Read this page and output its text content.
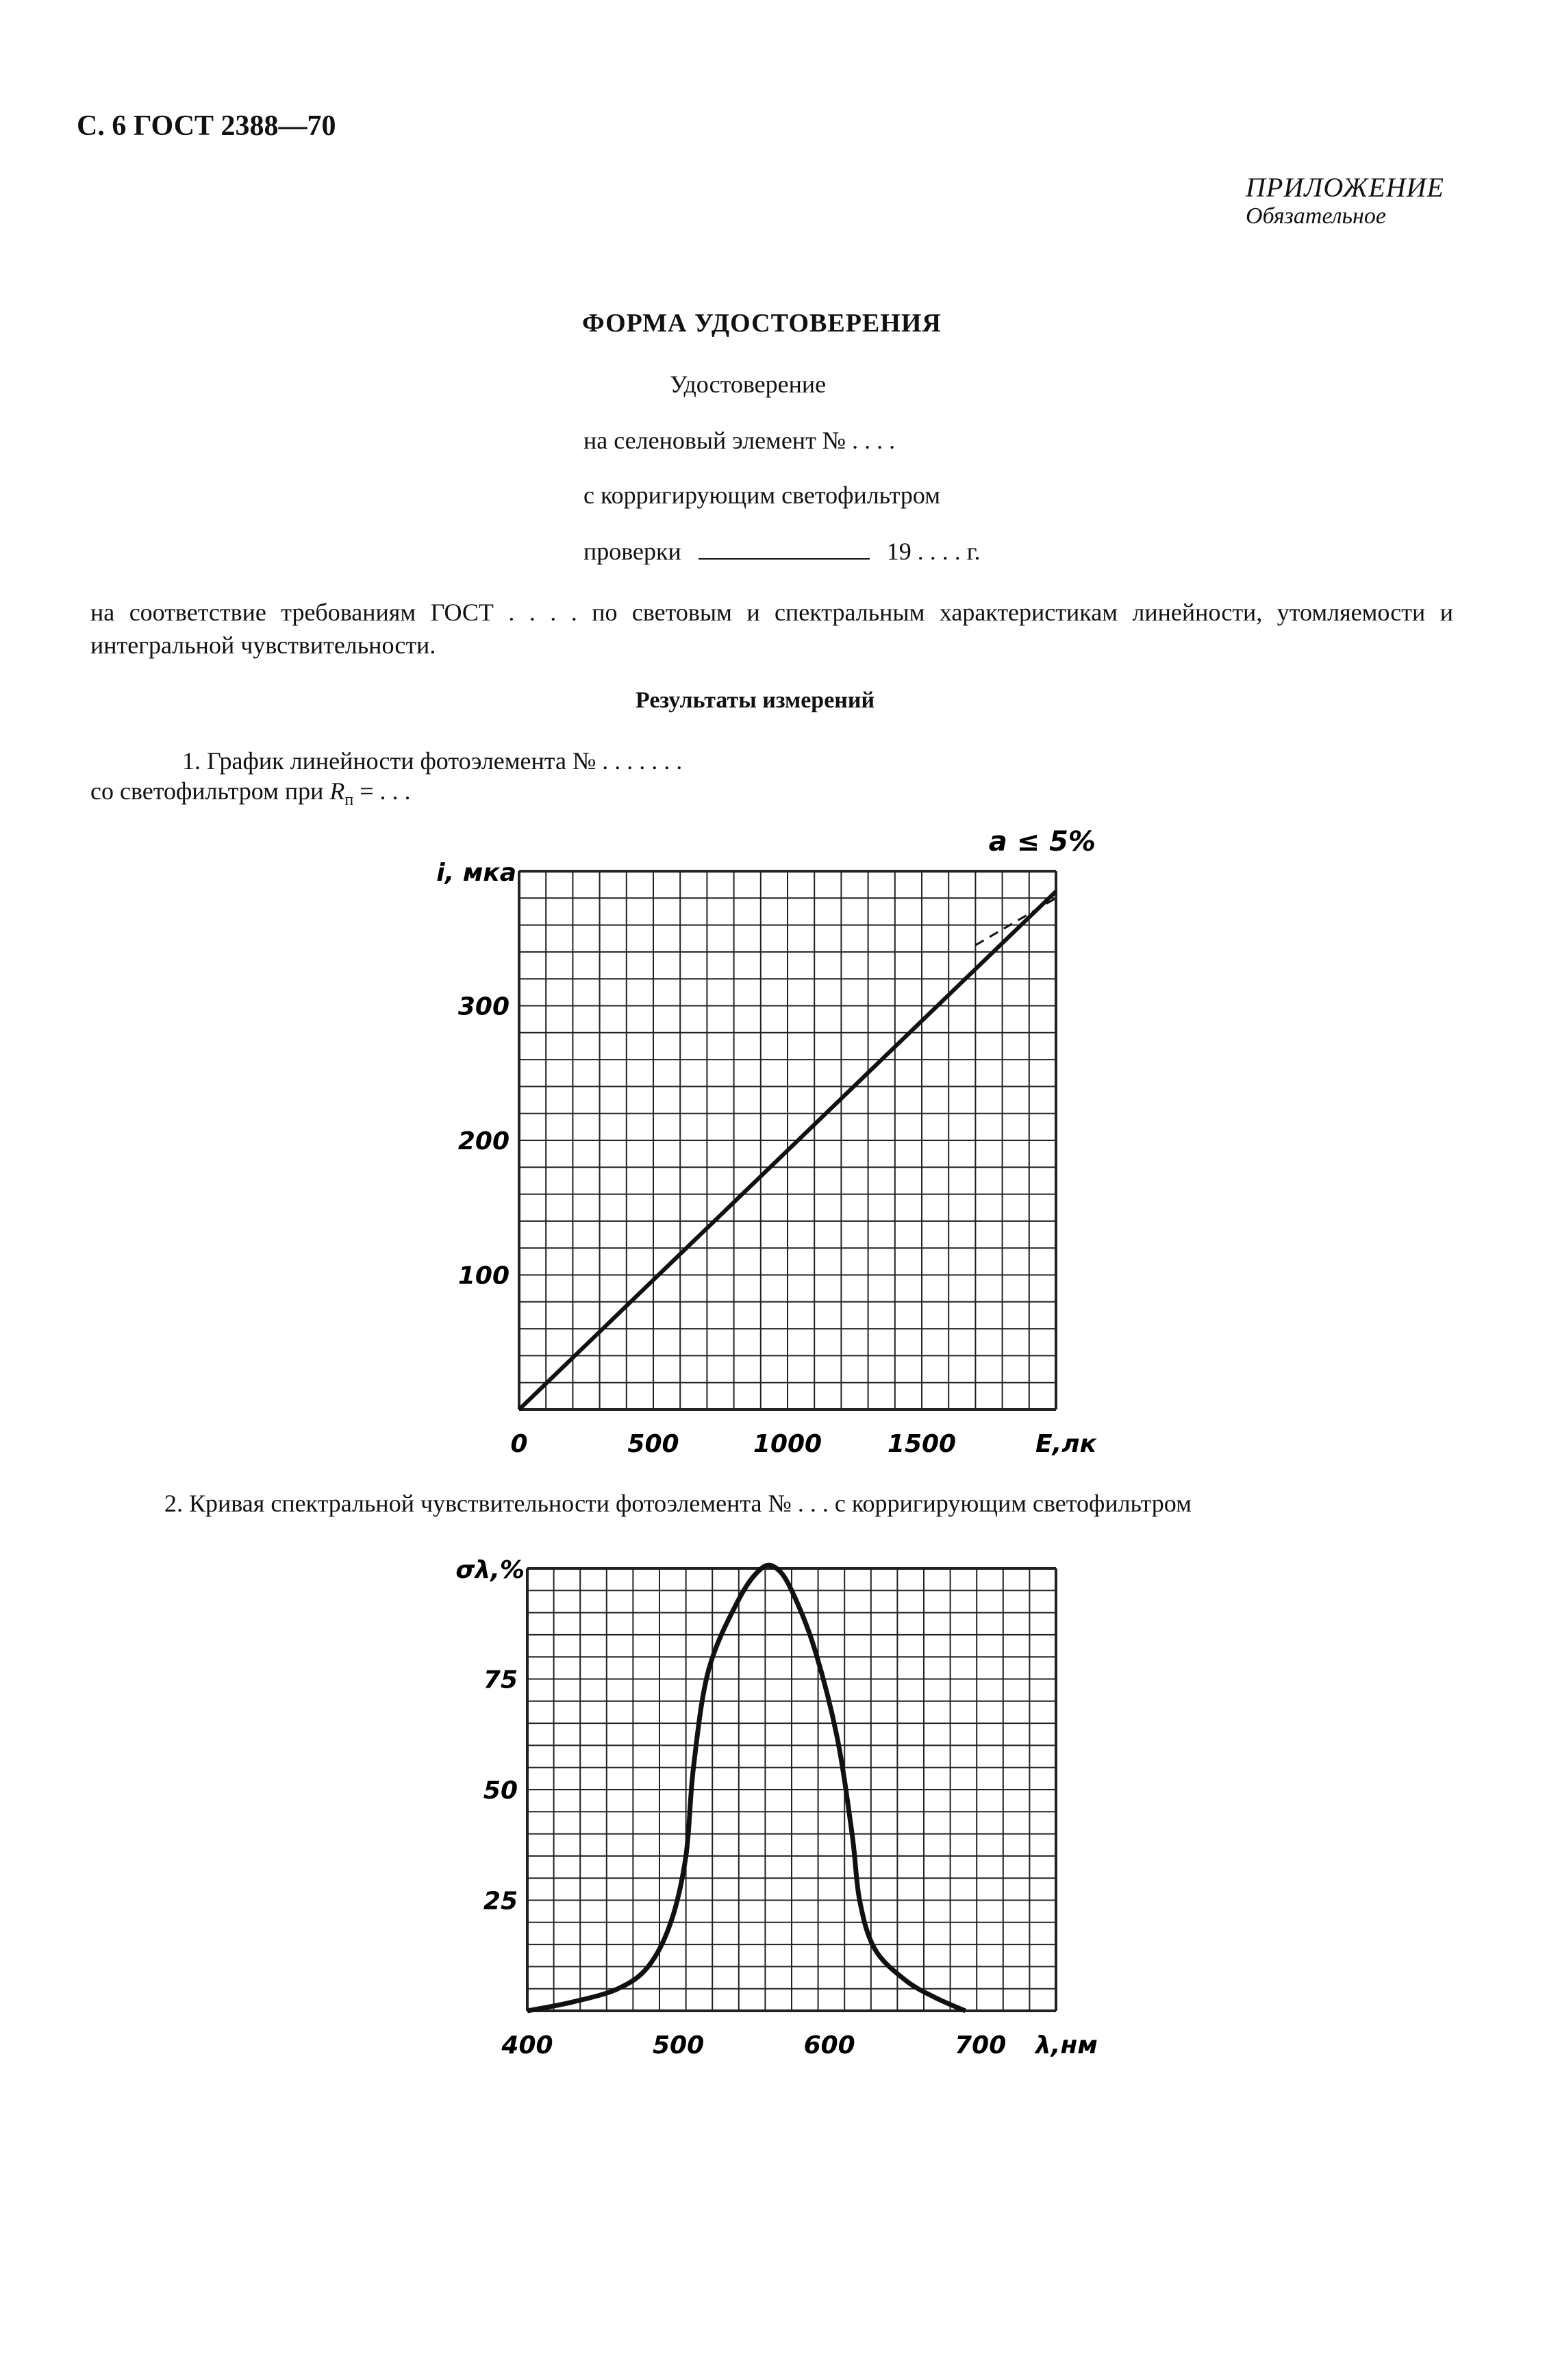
С. 6 ГОСТ 2388—70
ПРИЛОЖЕНИЕ
Обязательное
ФОРМА УДОСТОВЕРЕНИЯ
Удостоверение
на селеновый элемент № . . . .
с корригирующим светофильтром
проверки	19 . . . . г.
на соответствие требованиям ГОСТ . . . . по световым и спектральным характеристикам линейности, утомляемости и интегральной чувствительности.
Результаты измерений
1. График линейности фотоэлемента № . . . . . . .
со светофильтром при $R_п$ = . . .
0	500	1000	1500
100
200
300
i, мка
E,лк
a ≤ 5%
2. Кривая спектральной чувствительности фотоэлемента № . . . с корригирующим светофильтром
400	500	600	700
25
50
75
σλ,%
λ,нм
